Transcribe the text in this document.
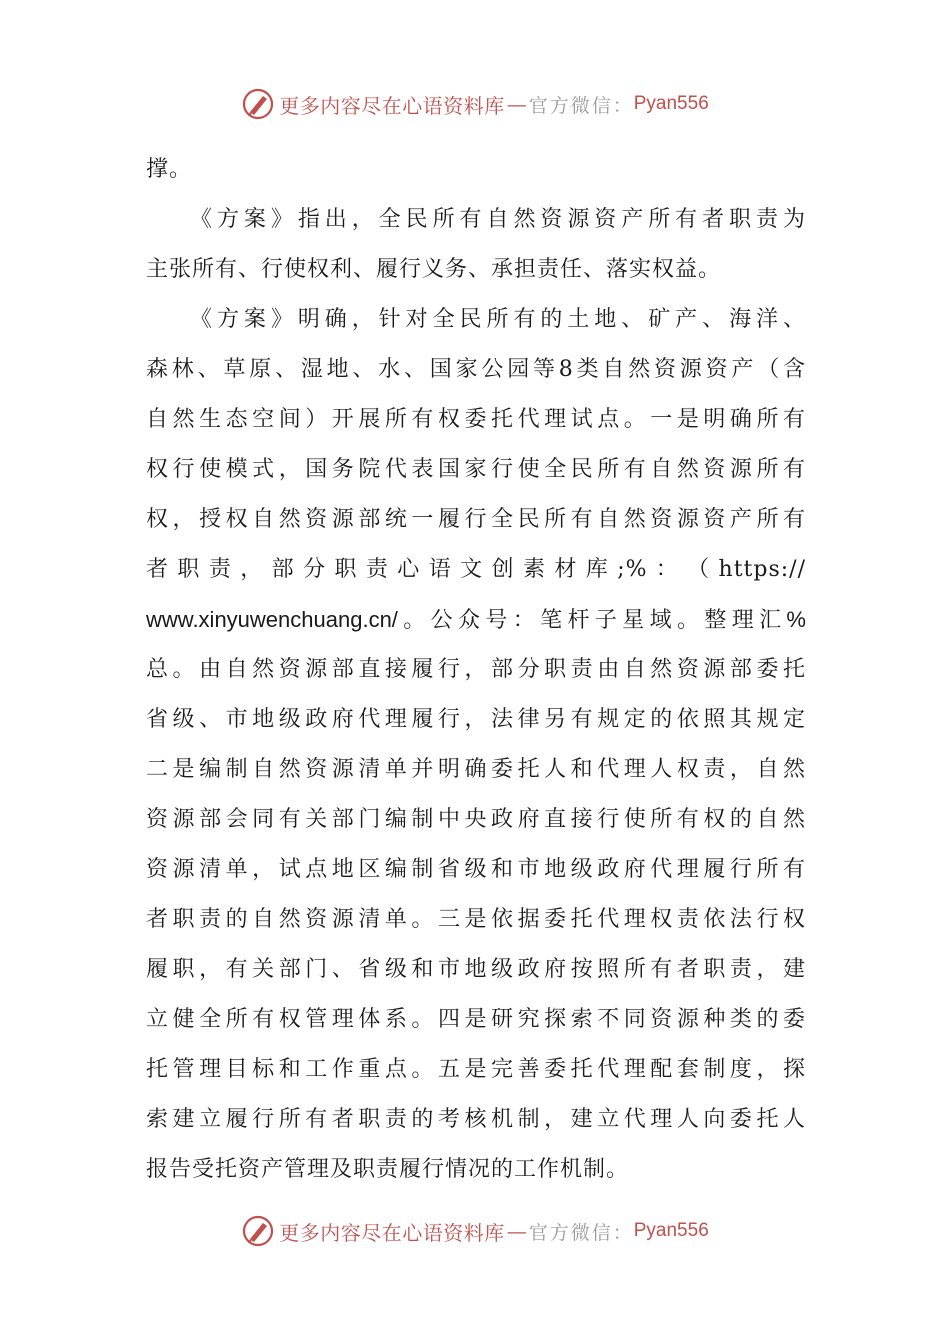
更多内容尽在心语资料库 — 官方微信： Pyan556
撑。
《方案》指出，全民所有自然资源资产所有者职责为
主张所有、行使权利、履行义务、承担责任、落实权益。
《方案》明确，针对全民所有的土地、矿产、海洋、
森林、草原、湿地、水、国家公园等8类自然资源资产（含
自然生态空间）开展所有权委托代理试点。一是明确所有
权行使模式，国务院代表国家行使全民所有自然资源所有
权，授权自然资源部统一履行全民所有自然资源资产所有
者 职 责 ， 部 分 职 责 心 语 文 创 素 材 库 ;% ： （ https://
www.xinyuwenchuang.cn/。公众号：笔杆子星域。整理汇%
总。由自然资源部直接履行，部分职责由自然资源部委托
省级、市地级政府代理履行，法律另有规定的依照其规定
二是编制自然资源清单并明确委托人和代理人权责，自然
资源部会同有关部门编制中央政府直接行使所有权的自然
资源清单，试点地区编制省级和市地级政府代理履行所有
者职责的自然资源清单。三是依据委托代理权责依法行权
履职，有关部门、省级和市地级政府按照所有者职责，建
立健全所有权管理体系。四是研究探索不同资源种类的委
托管理目标和工作重点。五是完善委托代理配套制度，探
索建立履行所有者职责的考核机制，建立代理人向委托人
报告受托资产管理及职责履行情况的工作机制。
更多内容尽在心语资料库 — 官方微信： Pyan556
